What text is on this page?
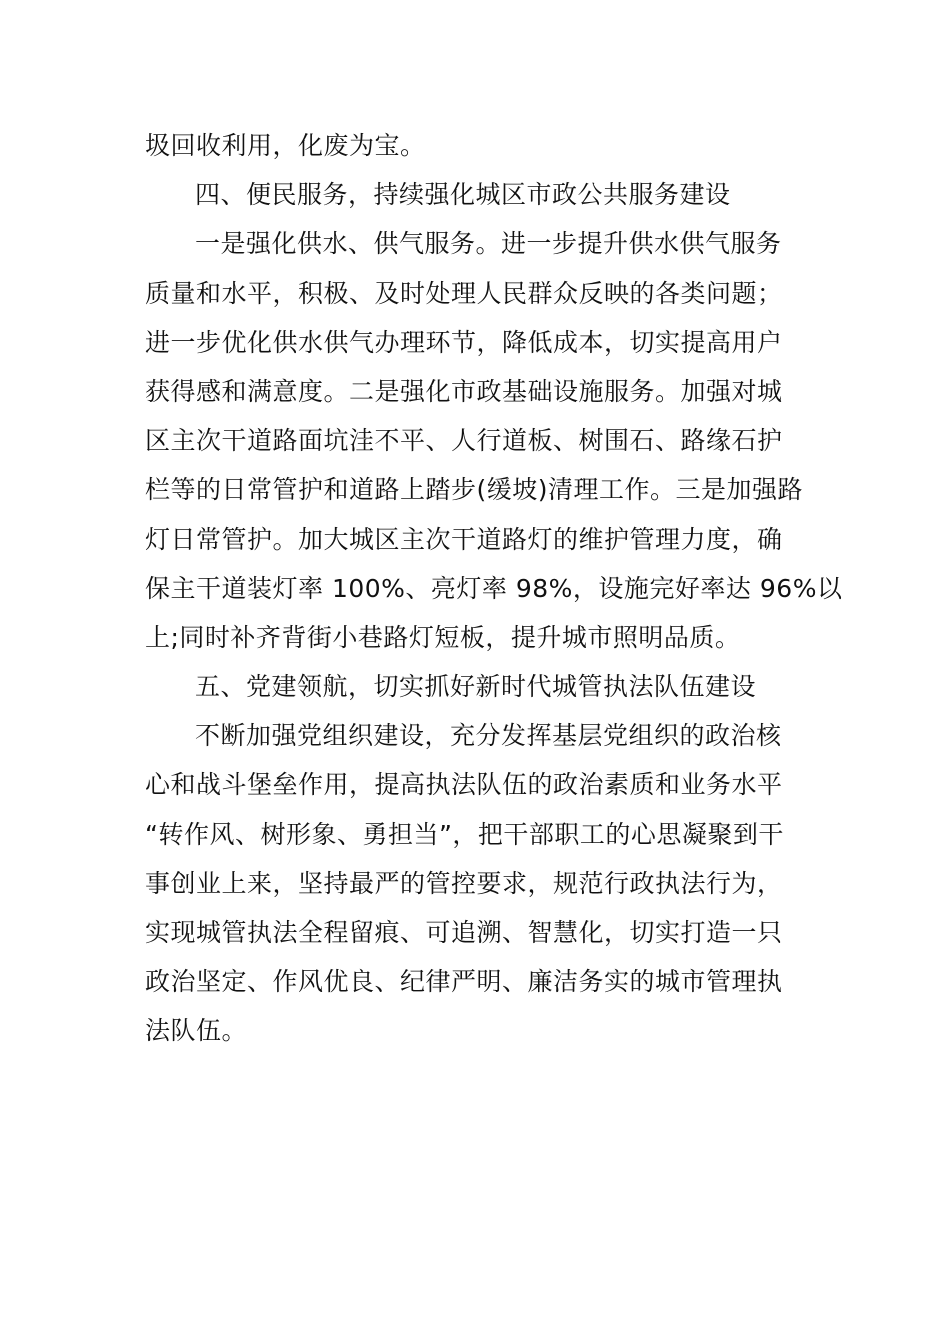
圾回收利用，化废为宝。
四、便民服务，持续强化城区市政公共服务建设
一是强化供水、供气服务。进一步提升供水供气服务
质量和水平，积极、及时处理人民群众反映的各类问题；
进一步优化供水供气办理环节，降低成本，切实提高用户
获得感和满意度。二是强化市政基础设施服务。加强对城
区主次干道路面坑洼不平、人行道板、树围石、路缘石护
栏等的日常管护和道路上踏步(缓坡)清理工作。三是加强路
灯日常管护。加大城区主次干道路灯的维护管理力度，确
保主干道装灯率 100%、亮灯率 98%，设施完好率达 96%以
上;同时补齐背街小巷路灯短板，提升城市照明品质。
五、党建领航，切实抓好新时代城管执法队伍建设
不断加强党组织建设，充分发挥基层党组织的政治核
心和战斗堡垒作用，提高执法队伍的政治素质和业务水平
“转作风、树形象、勇担当”，把干部职工的心思凝聚到干
事创业上来，坚持最严的管控要求，规范行政执法行为，
实现城管执法全程留痕、可追溯、智慧化，切实打造一只
政治坚定、作风优良、纪律严明、廉洁务实的城市管理执
法队伍。
